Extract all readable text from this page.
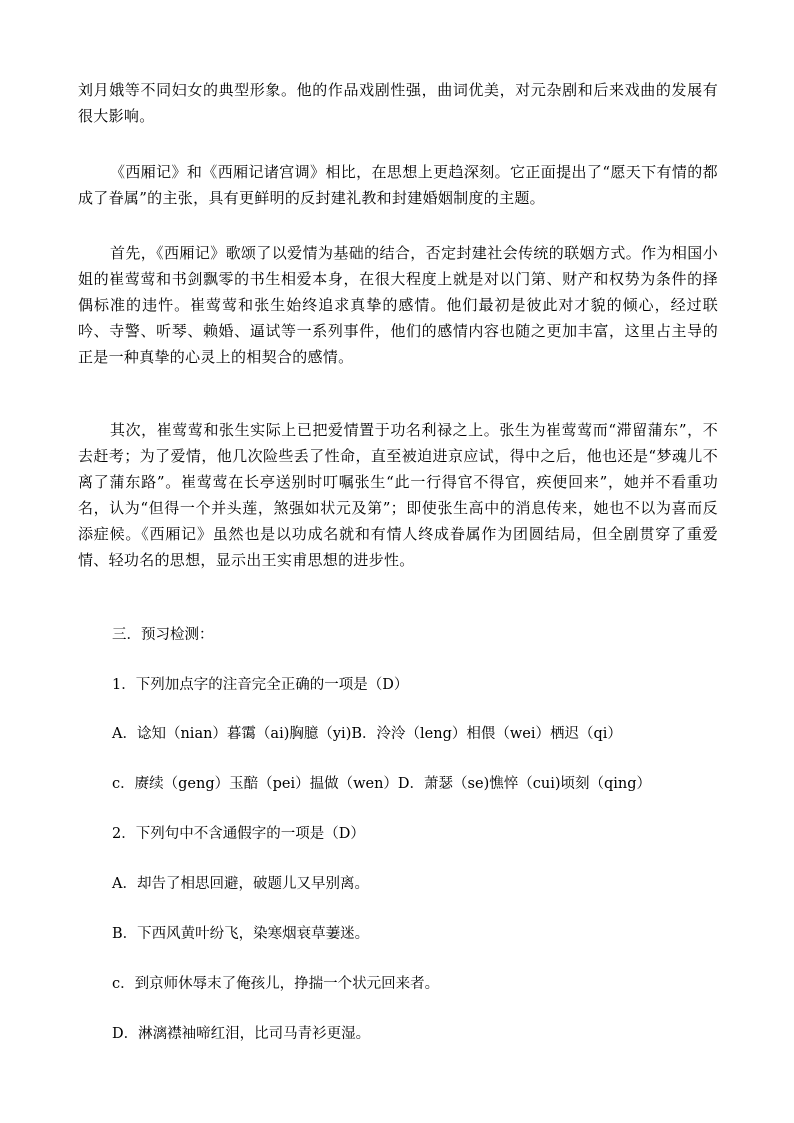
刘月娥等不同妇女的典型形象。他的作品戏剧性强，曲词优美，对元杂剧和后来戏曲的发展有很大影响。

《西厢记》和《西厢记诸宫调》相比，在思想上更趋深刻。它正面提出了“愿天下有情的都成了眷属”的主张，具有更鲜明的反封建礼教和封建婚姻制度的主题。

首先，《西厢记》歌颂了以爱情为基础的结合，否定封建社会传统的联姻方式。作为相国小姐的崔莺莺和书剑飘零的书生相爱本身，在很大程度上就是对以门第、财产和权势为条件的择偶标准的违忤。崔莺莺和张生始终追求真挚的感情。他们最初是彼此对才貌的倾心，经过联吟、寺警、听琴、赖婚、逼试等一系列事件，他们的感情内容也随之更加丰富，这里占主导的正是一种真挚的心灵上的相契合的感情。

其次，崔莺莺和张生实际上已把爱情置于功名利禄之上。张生为崔莺莺而“滞留蒲东”，不去赶考；为了爱情，他几次险些丢了性命，直至被迫进京应试，得中之后，他也还是“梦魂儿不离了蒲东路”。崔莺莺在长亭送别时叮嘱张生“此一行得官不得官，疾便回来”，她并不看重功名，认为“但得一个并头莲，煞强如状元及第”；即使张生高中的消息传来，她也不以为喜而反添症候。《西厢记》虽然也是以功成名就和有情人终成眷属作为团圆结局，但全剧贯穿了重爱情、轻功名的思想，显示出王实甫思想的进步性。

三．预习检测：

1．下列加点字的注音完全正确的一项是（D）

A．谂知（nian）暮霭（ai)胸臆（yi)B．泠泠（leng）相偎（wei）栖迟（qi）

c．赓续（geng）玉醅（pei）揾做（wen）D．萧瑟（se)憔悴（cui)顷刻（qing）

2．下列句中不含通假字的一项是（D）

A．却告了相思回避，破题儿又早别离。

B．下西风黄叶纷飞，染寒烟衰草萋迷。

c．到京师休辱末了俺孩儿，挣揣一个状元回来者。

D．淋漓襟袖啼红泪，比司马青衫更湿。
